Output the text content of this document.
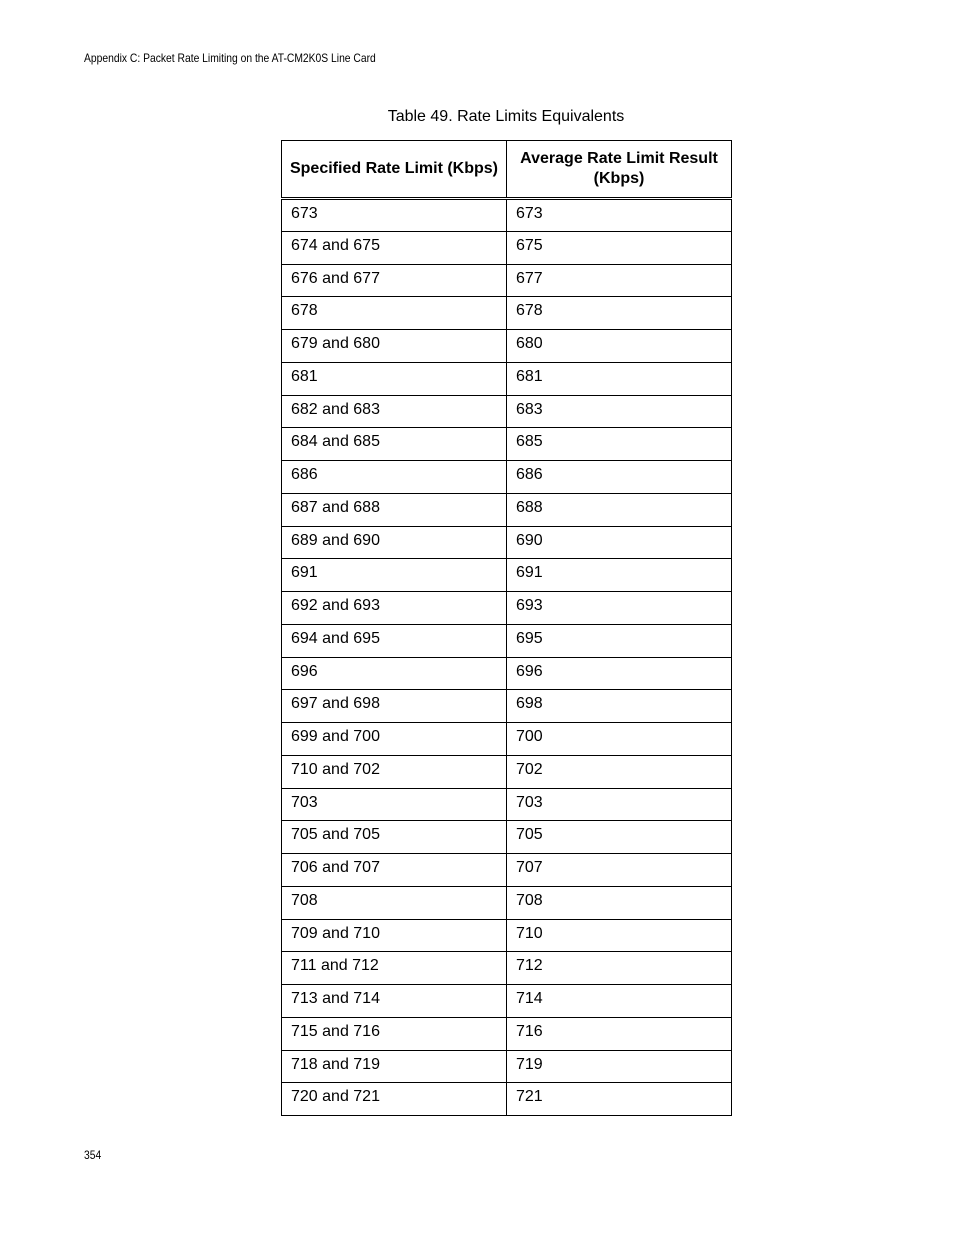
Appendix C: Packet Rate Limiting on the AT-CM2K0S Line Card
Table 49. Rate Limits Equivalents
Specified Rate Limit (Kbps)	Average Rate Limit Result (Kbps)
673	673
674 and 675	675
676 and 677	677
678	678
679 and 680	680
681	681
682 and 683	683
684 and 685	685
686	686
687 and 688	688
689 and 690	690
691	691
692 and 693	693
694 and 695	695
696	696
697 and 698	698
699 and 700	700
710 and 702	702
703	703
705 and 705	705
706 and 707	707
708	708
709 and 710	710
711 and 712	712
713 and 714	714
715 and 716	716
718 and 719	719
720 and 721	721
354
